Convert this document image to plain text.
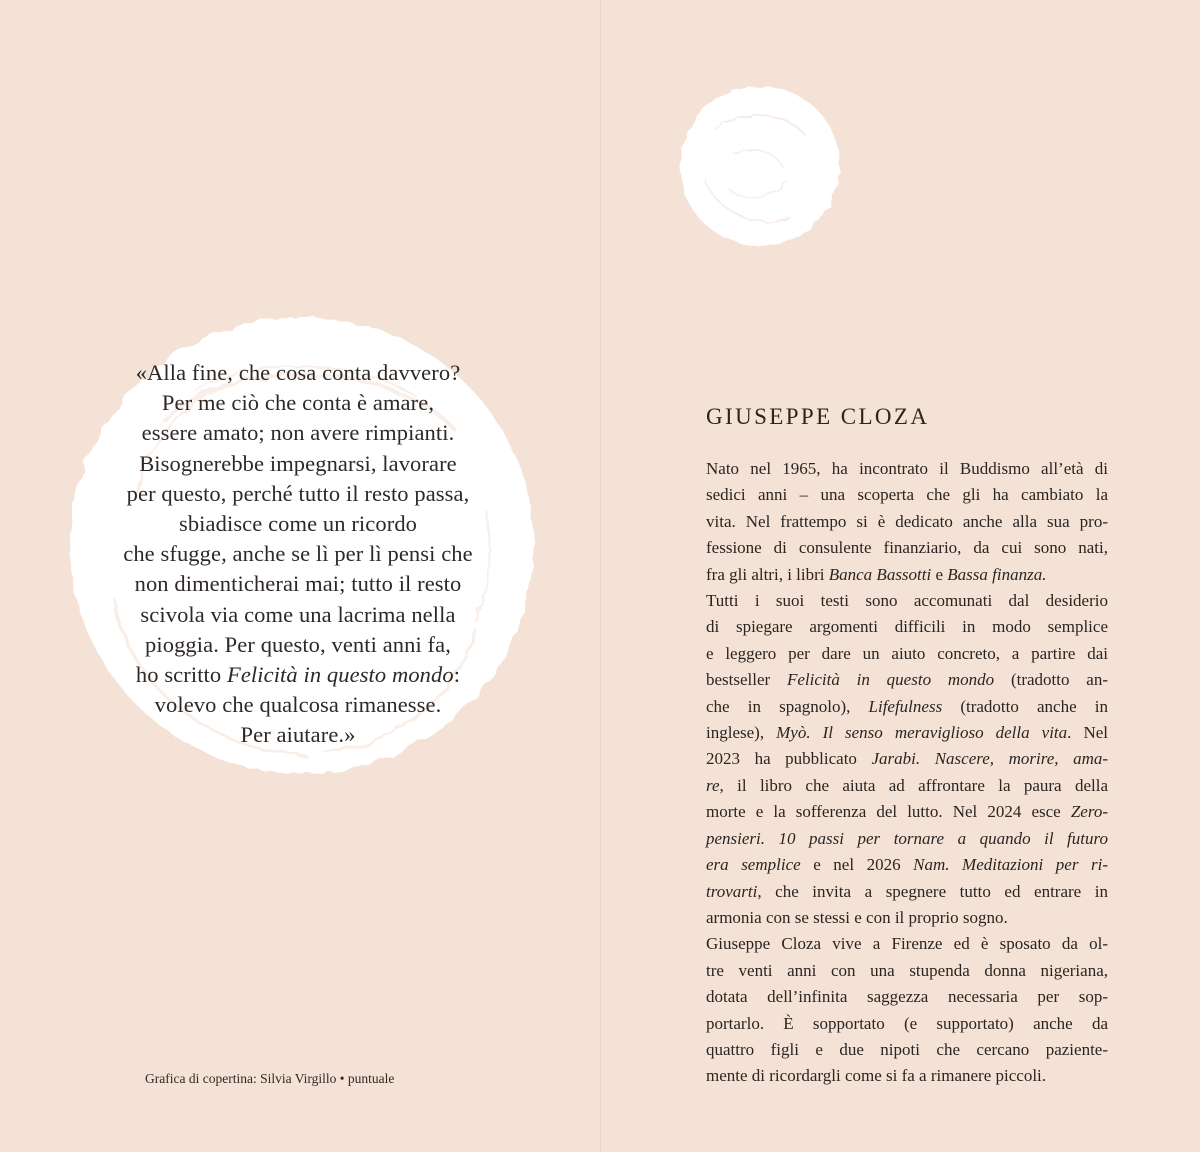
«Alla fine, che cosa conta davvero?
Per me ciò che conta è amare,
essere amato; non avere rimpianti.
Bisognerebbe impegnarsi, lavorare
per questo, perché tutto il resto passa,
sbiadisce come un ricordo
che sfugge, anche se lì per lì pensi che
non dimenticherai mai; tutto il resto
scivola via come una lacrima nella
pioggia. Per questo, venti anni fa,
ho scritto Felicità in questo mondo:
volevo che qualcosa rimanesse.
Per aiutare.»
Grafica di copertina: Silvia Virgillo • puntuale
GIUSEPPE CLOZA
Nato nel 1965, ha incontrato il Buddismo all’età di
sedici anni – una scoperta che gli ha cambiato la
vita. Nel frattempo si è dedicato anche alla sua pro-
fessione di consulente finanziario, da cui sono nati,
fra gli altri, i libri Banca Bassotti e Bassa finanza.
Tutti i suoi testi sono accomunati dal desiderio
di spiegare argomenti difficili in modo semplice
e leggero per dare un aiuto concreto, a partire dai
bestseller Felicità in questo mondo (tradotto an-
che in spagnolo), Lifefulness (tradotto anche in
inglese), Myò. Il senso meraviglioso della vita. Nel
2023 ha pubblicato Jarabi. Nascere, morire, ama-
re, il libro che aiuta ad affrontare la paura della
morte e la sofferenza del lutto. Nel 2024 esce Zero-
pensieri. 10 passi per tornare a quando il futuro
era semplice e nel 2026 Nam. Meditazioni per ri-
trovarti, che invita a spegnere tutto ed entrare in
armonia con se stessi e con il proprio sogno.
Giuseppe Cloza vive a Firenze ed è sposato da ol-
tre venti anni con una stupenda donna nigeriana,
dotata dell’infinita saggezza necessaria per sop-
portarlo. È sopportato (e supportato) anche da
quattro figli e due nipoti che cercano paziente-
mente di ricordargli come si fa a rimanere piccoli.
